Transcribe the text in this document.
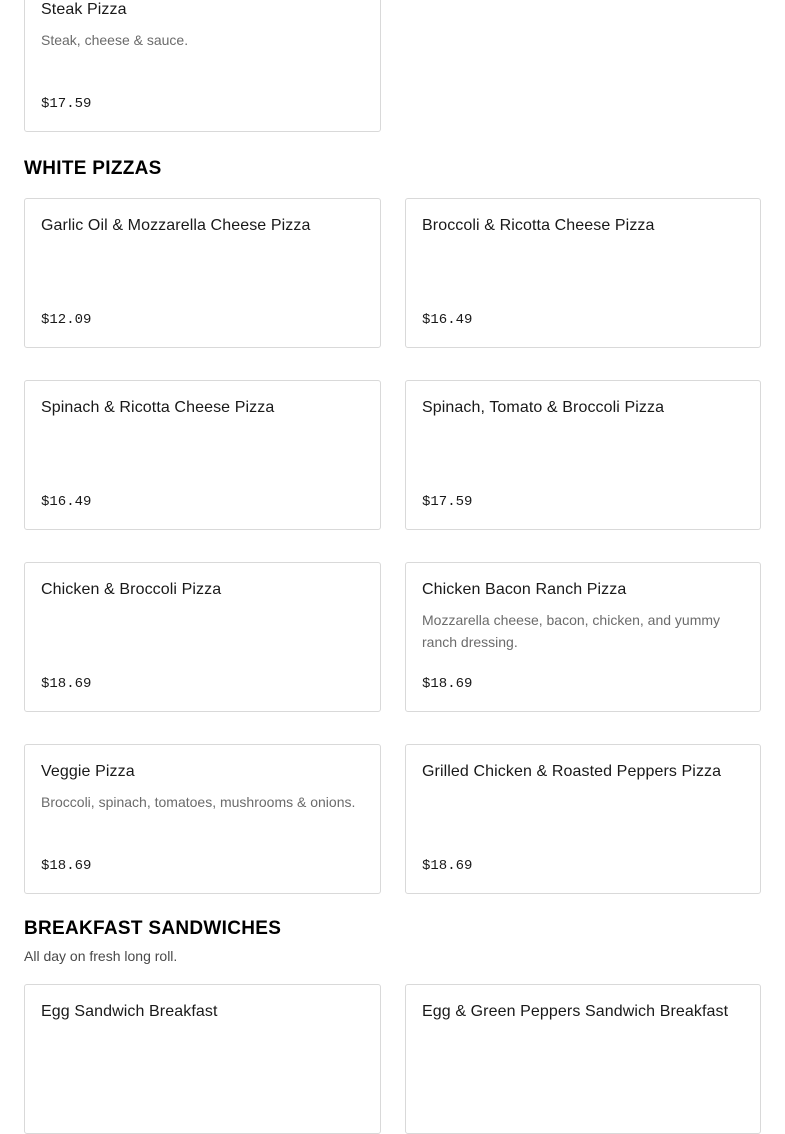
Steak Pizza
Steak, cheese & sauce.
$17.59
WHITE PIZZAS
Garlic Oil & Mozzarella Cheese Pizza
$12.09
Broccoli & Ricotta Cheese Pizza
$16.49
Spinach & Ricotta Cheese Pizza
$16.49
Spinach, Tomato & Broccoli Pizza
$17.59
Chicken & Broccoli Pizza
$18.69
Chicken Bacon Ranch Pizza
Mozzarella cheese, bacon, chicken, and yummy ranch dressing.
$18.69
Veggie Pizza
Broccoli, spinach, tomatoes, mushrooms & onions.
$18.69
Grilled Chicken & Roasted Peppers Pizza
$18.69
BREAKFAST SANDWICHES
All day on fresh long roll.
Egg Sandwich Breakfast	Egg & Green Peppers Sandwich Breakfast
